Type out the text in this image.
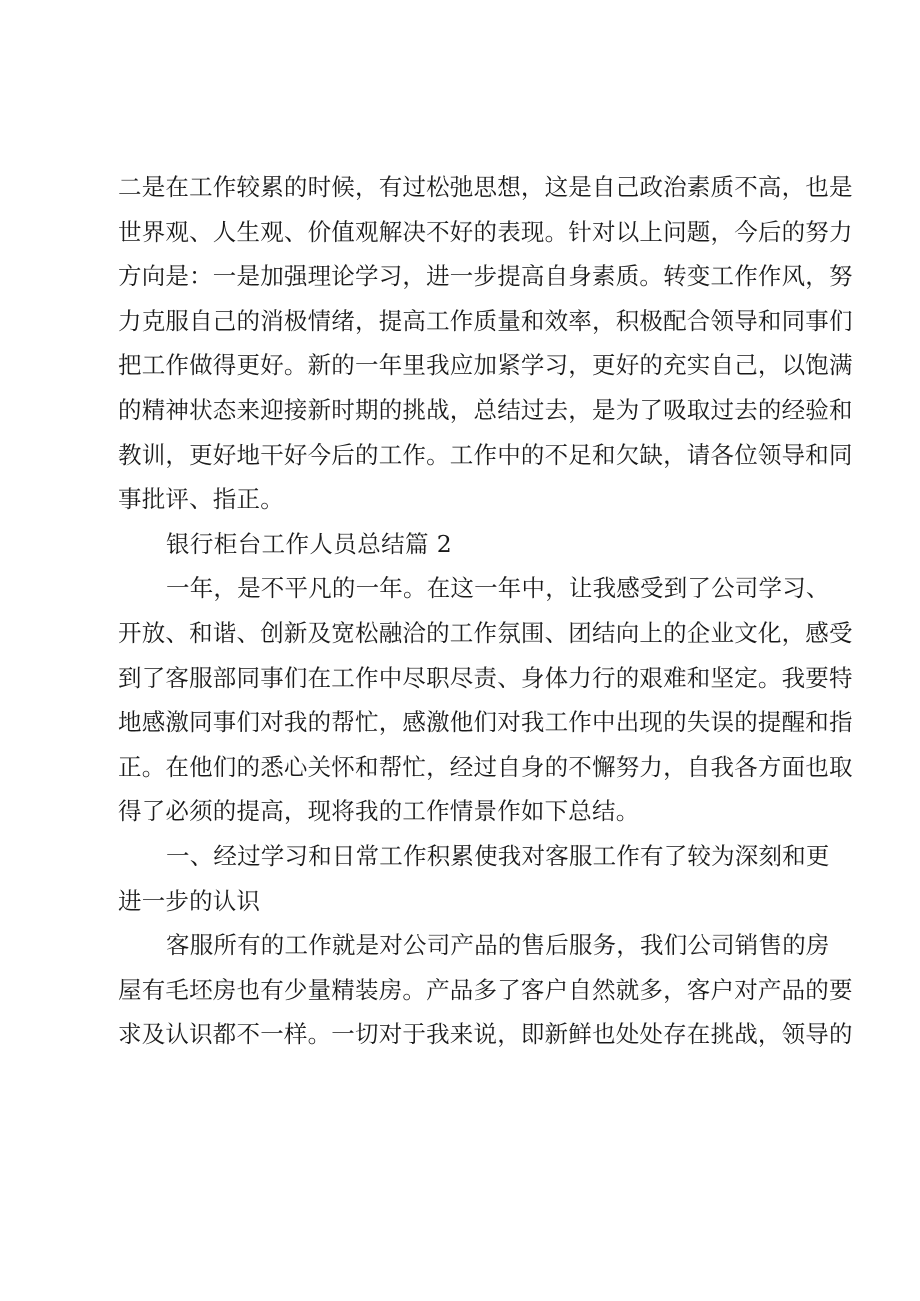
二是在工作较累的时候，有过松弛思想，这是自己政治素质不高，也是
世界观、人生观、价值观解决不好的表现。针对以上问题，今后的努力
方向是：一是加强理论学习，进一步提高自身素质。转变工作作风，努
力克服自己的消极情绪，提高工作质量和效率，积极配合领导和同事们
把工作做得更好。新的一年里我应加紧学习，更好的充实自己，以饱满
的精神状态来迎接新时期的挑战，总结过去，是为了吸取过去的经验和
教训，更好地干好今后的工作。工作中的不足和欠缺，请各位领导和同
事批评、指正。
银行柜台工作人员总结篇 2
一年，是不平凡的一年。在这一年中，让我感受到了公司学习、
开放、和谐、创新及宽松融洽的工作氛围、团结向上的企业文化，感受
到了客服部同事们在工作中尽职尽责、身体力行的艰难和坚定。我要特
地感激同事们对我的帮忙，感激他们对我工作中出现的失误的提醒和指
正。在他们的悉心关怀和帮忙，经过自身的不懈努力，自我各方面也取
得了必须的提高，现将我的工作情景作如下总结。
一、经过学习和日常工作积累使我对客服工作有了较为深刻和更
进一步的认识
客服所有的工作就是对公司产品的售后服务，我们公司销售的房
屋有毛坯房也有少量精装房。产品多了客户自然就多，客户对产品的要
求及认识都不一样。一切对于我来说，即新鲜也处处存在挑战，领导的
